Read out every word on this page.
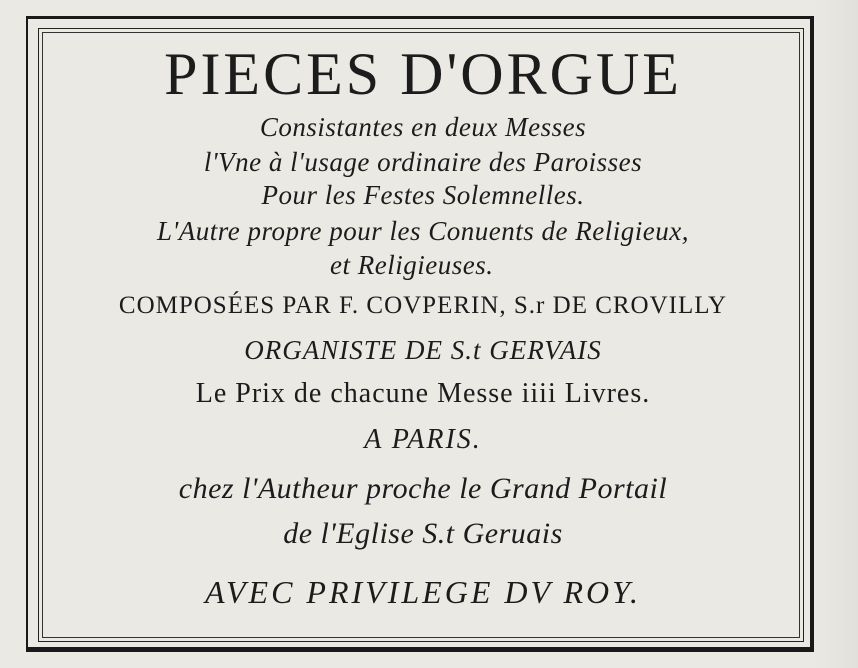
PIECES D'ORGUE
Consistantes en deux Messes
l'Vne à l'usage ordinaire des Paroisses
Pour les Festes Solemnelles.
L'Autre propre pour les Conuents de Religieux,
et Religieuses.
COMPOSÉES PAR F. COVPERIN, S.r DE CROVILLY
ORGANISTE DE S.t GERVAIS
Le Prix de chacune Messe iiii Livres.
A PARIS.
chez l'Autheur proche le Grand Portail
de l'Eglise S.t Geruais
AVEC PRIVILEGE DV ROY.
